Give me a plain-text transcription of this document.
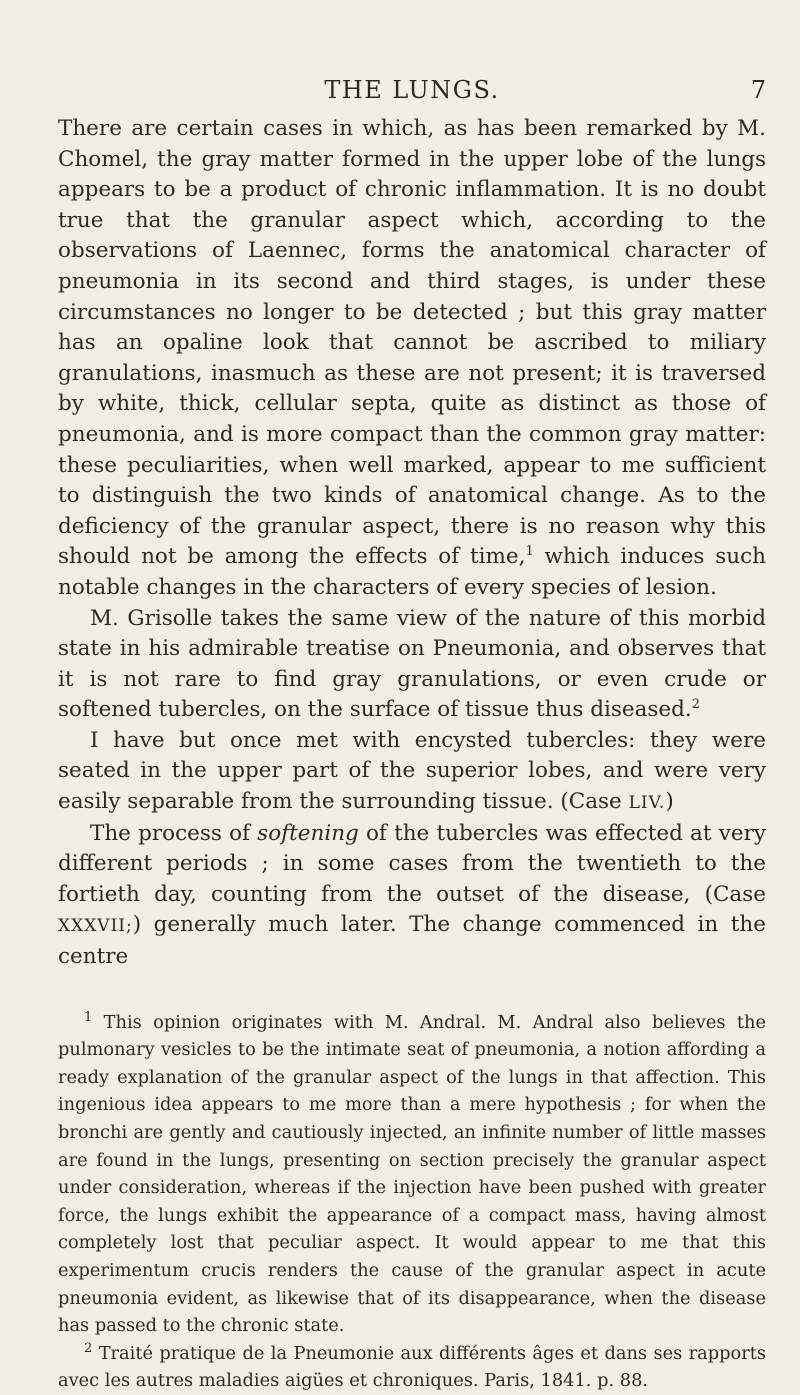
THE LUNGS.	7

There are certain cases in which, as has been remarked by M. Chomel, the gray matter formed in the upper lobe of the lungs appears to be a product of chronic inflammation. It is no doubt true that the granular aspect which, according to the observations of Laennec, forms the anatomical character of pneumonia in its second and third stages, is under these circumstances no longer to be detected ; but this gray matter has an opaline look that cannot be ascribed to miliary granulations, inasmuch as these are not present; it is traversed by white, thick, cellular septa, quite as distinct as those of pneumonia, and is more compact than the common gray matter: these peculiarities, when well marked, appear to me sufficient to distinguish the two kinds of anatomical change. As to the deficiency of the granular aspect, there is no reason why this should not be among the effects of time,$^1$ which induces such notable changes in the characters of every species of lesion.

M. Grisolle takes the same view of the nature of this morbid state in his admirable treatise on Pneumonia, and observes that it is not rare to find gray granulations, or even crude or softened tubercles, on the surface of tissue thus diseased.$^2$

I have but once met with encysted tubercles: they were seated in the upper part of the superior lobes, and were very easily separable from the surrounding tissue. (Case LIV.)

The process of softening of the tubercles was effected at very different periods ; in some cases from the twentieth to the fortieth day, counting from the outset of the disease, (Case XXXVII;) generally much later. The change commenced in the centre

$^1$ This opinion originates with M. Andral. M. Andral also believes the pulmonary vesicles to be the intimate seat of pneumonia, a notion affording a ready explanation of the granular aspect of the lungs in that affection. This ingenious idea appears to me more than a mere hypothesis ; for when the bronchi are gently and cautiously injected, an infinite number of little masses are found in the lungs, presenting on section precisely the granular aspect under consideration, whereas if the injection have been pushed with greater force, the lungs exhibit the appearance of a compact mass, having almost completely lost that peculiar aspect. It would appear to me that this experimentum crucis renders the cause of the granular aspect in acute pneumonia evident, as likewise that of its disappearance, when the disease has passed to the chronic state.

$^2$ Traité pratique de la Pneumonie aux différents âges et dans ses rapports avec les autres maladies aigües et chroniques. Paris, 1841. p. 88.
